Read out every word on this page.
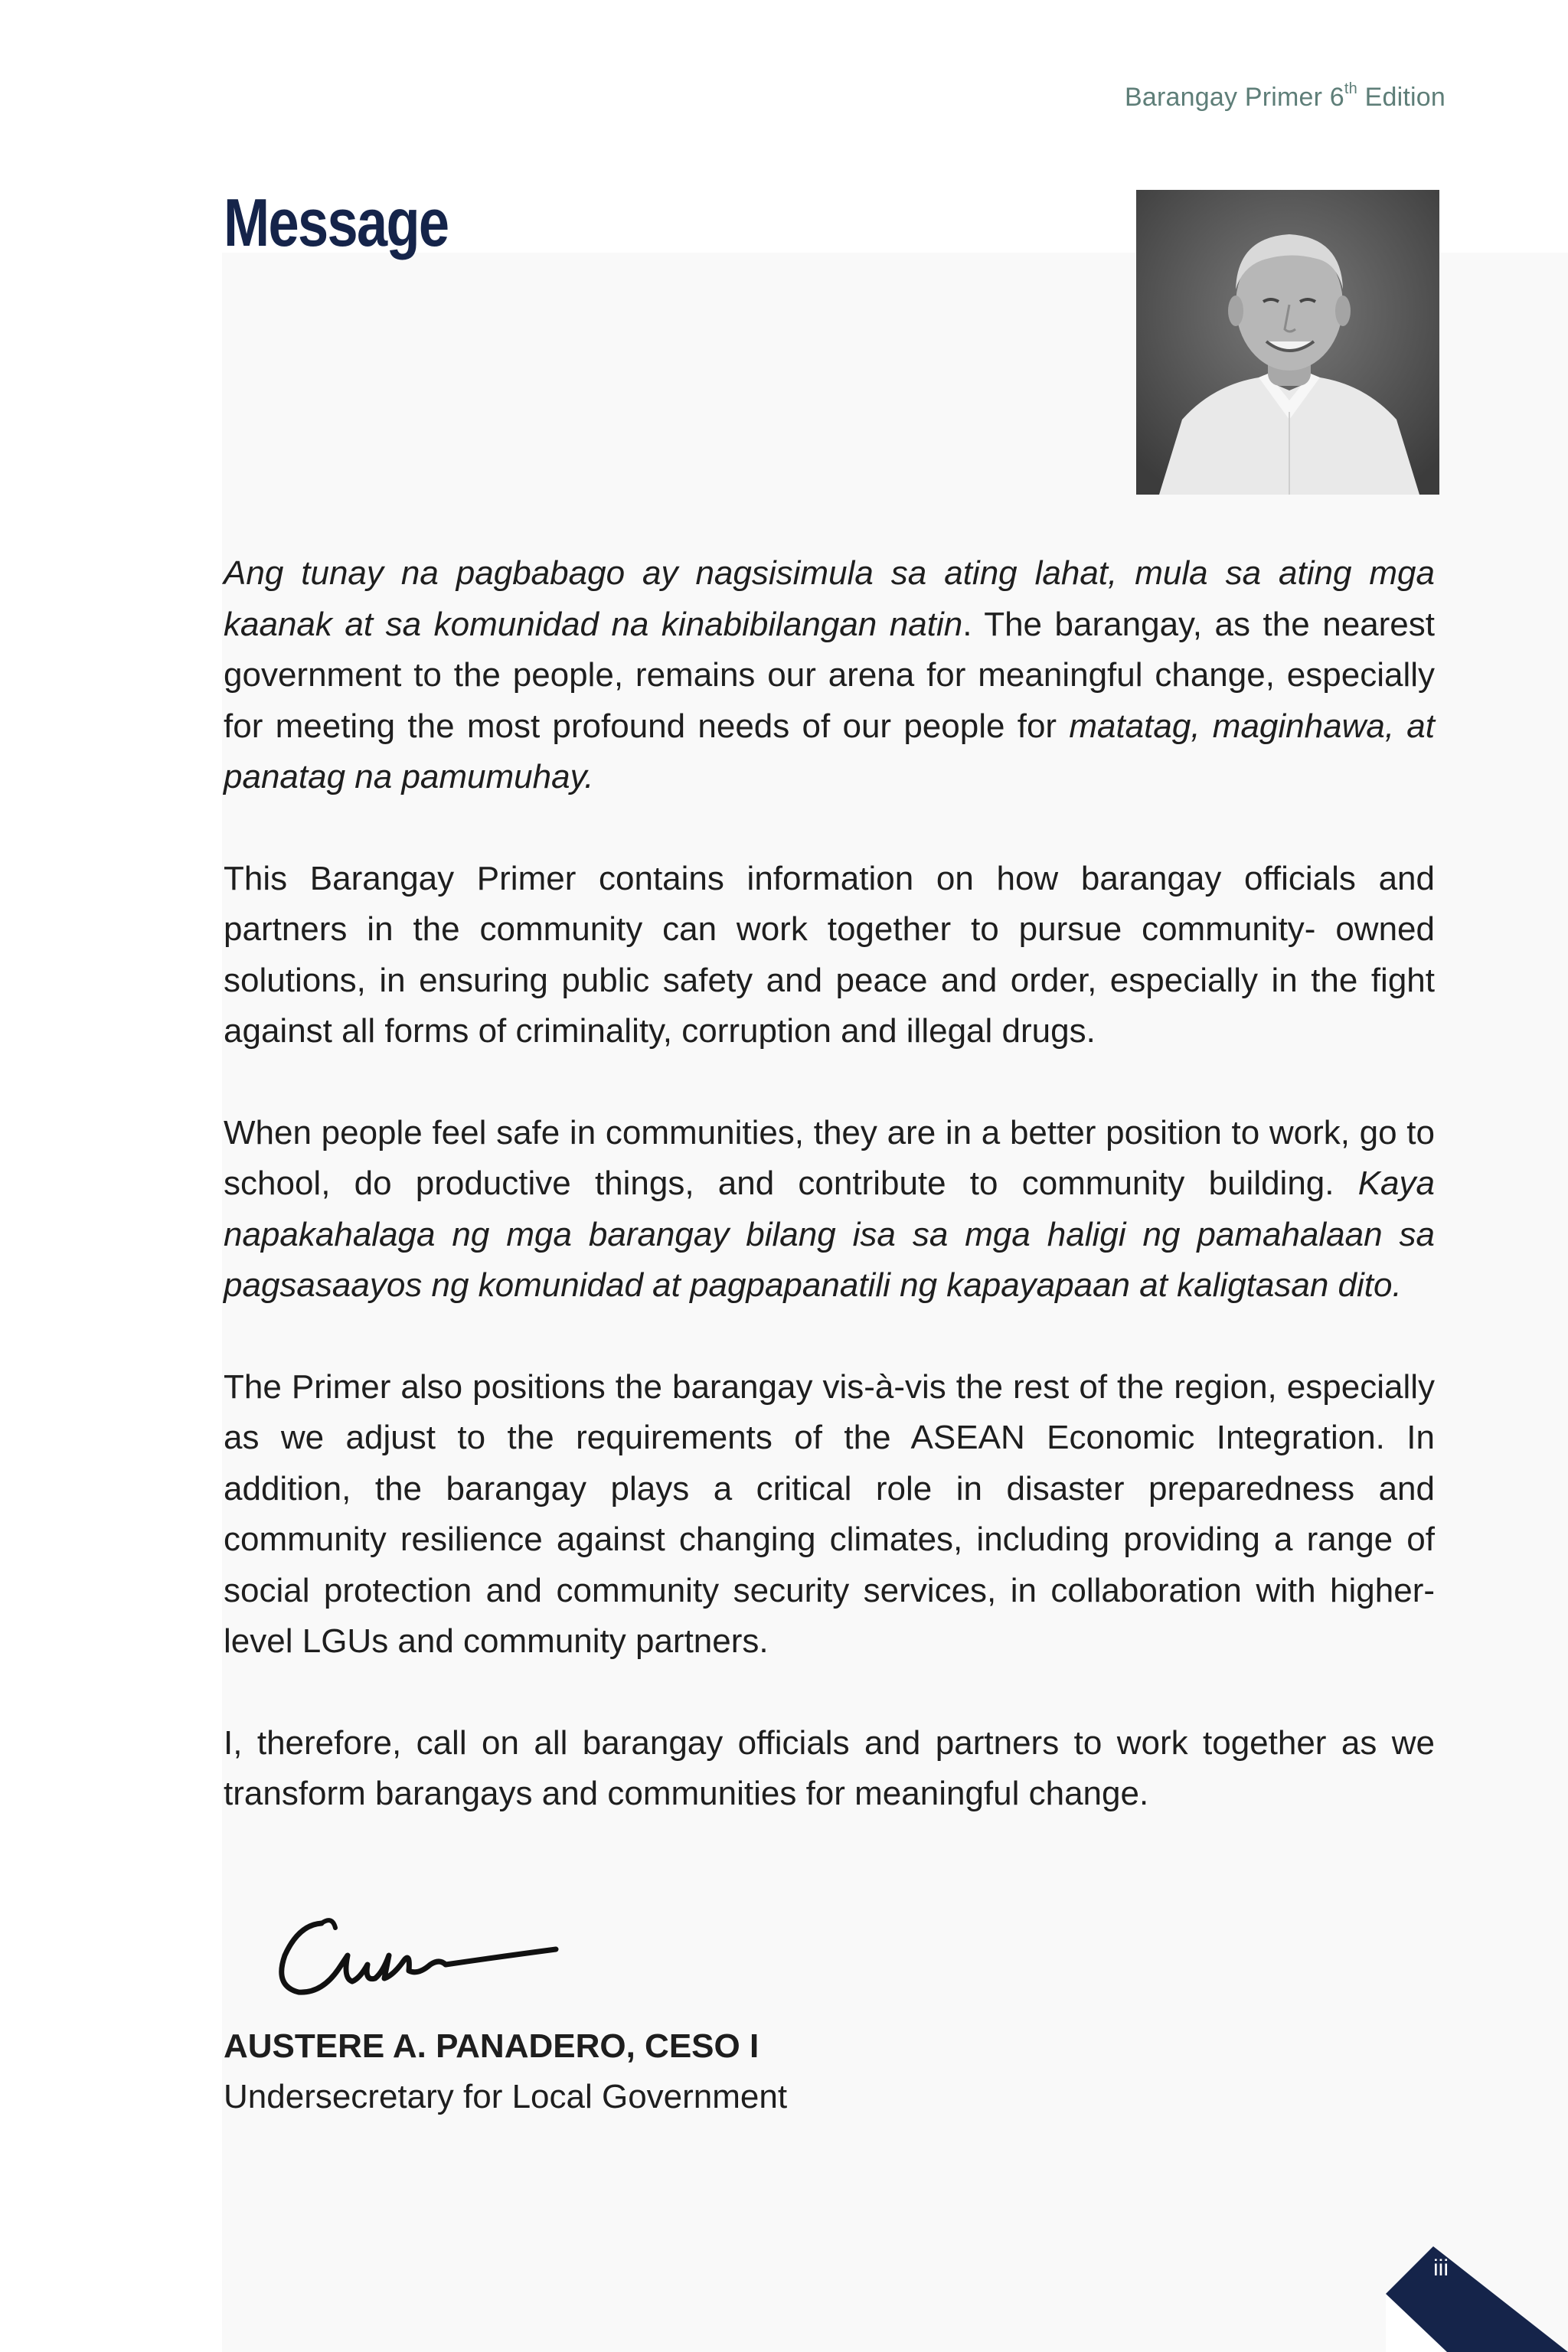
Barangay Primer 6th Edition
Message

Ang tunay na pagbabago ay nagsisimula sa ating lahat, mula sa ating mga kaanak at sa komunidad na kinabibilangan natin. The barangay, as the nearest government to the people, remains our arena for meaningful change, especially for meeting the most profound needs of our people for matatag, maginhawa, at panatag na pamumuhay.

This Barangay Primer contains information on how barangay officials and partners in the community can work together to pursue community- owned solutions, in ensuring public safety and peace and order, especially in the fight against all forms of criminality, corruption and illegal drugs.

When people feel safe in communities, they are in a better position to work, go to school, do productive things, and contribute to community building. Kaya napakahalaga ng mga barangay bilang isa sa mga haligi ng pamahalaan sa pagsasaayos ng komunidad at pagpapanatili ng kapayapaan at kaligtasan dito.

The Primer also positions the barangay vis-à-vis the rest of the region, especially as we adjust to the requirements of the ASEAN Economic Integration. In addition, the barangay plays a critical role in disaster preparedness and community resilience against changing climates, including providing a range of social protection and community security services, in collaboration with higher- level LGUs and community partners.

I, therefore, call on all barangay officials and partners to work together as we transform barangays and communities for meaningful change.

AUSTERE A. PANADERO, CESO I
Undersecretary for Local Government
iii
